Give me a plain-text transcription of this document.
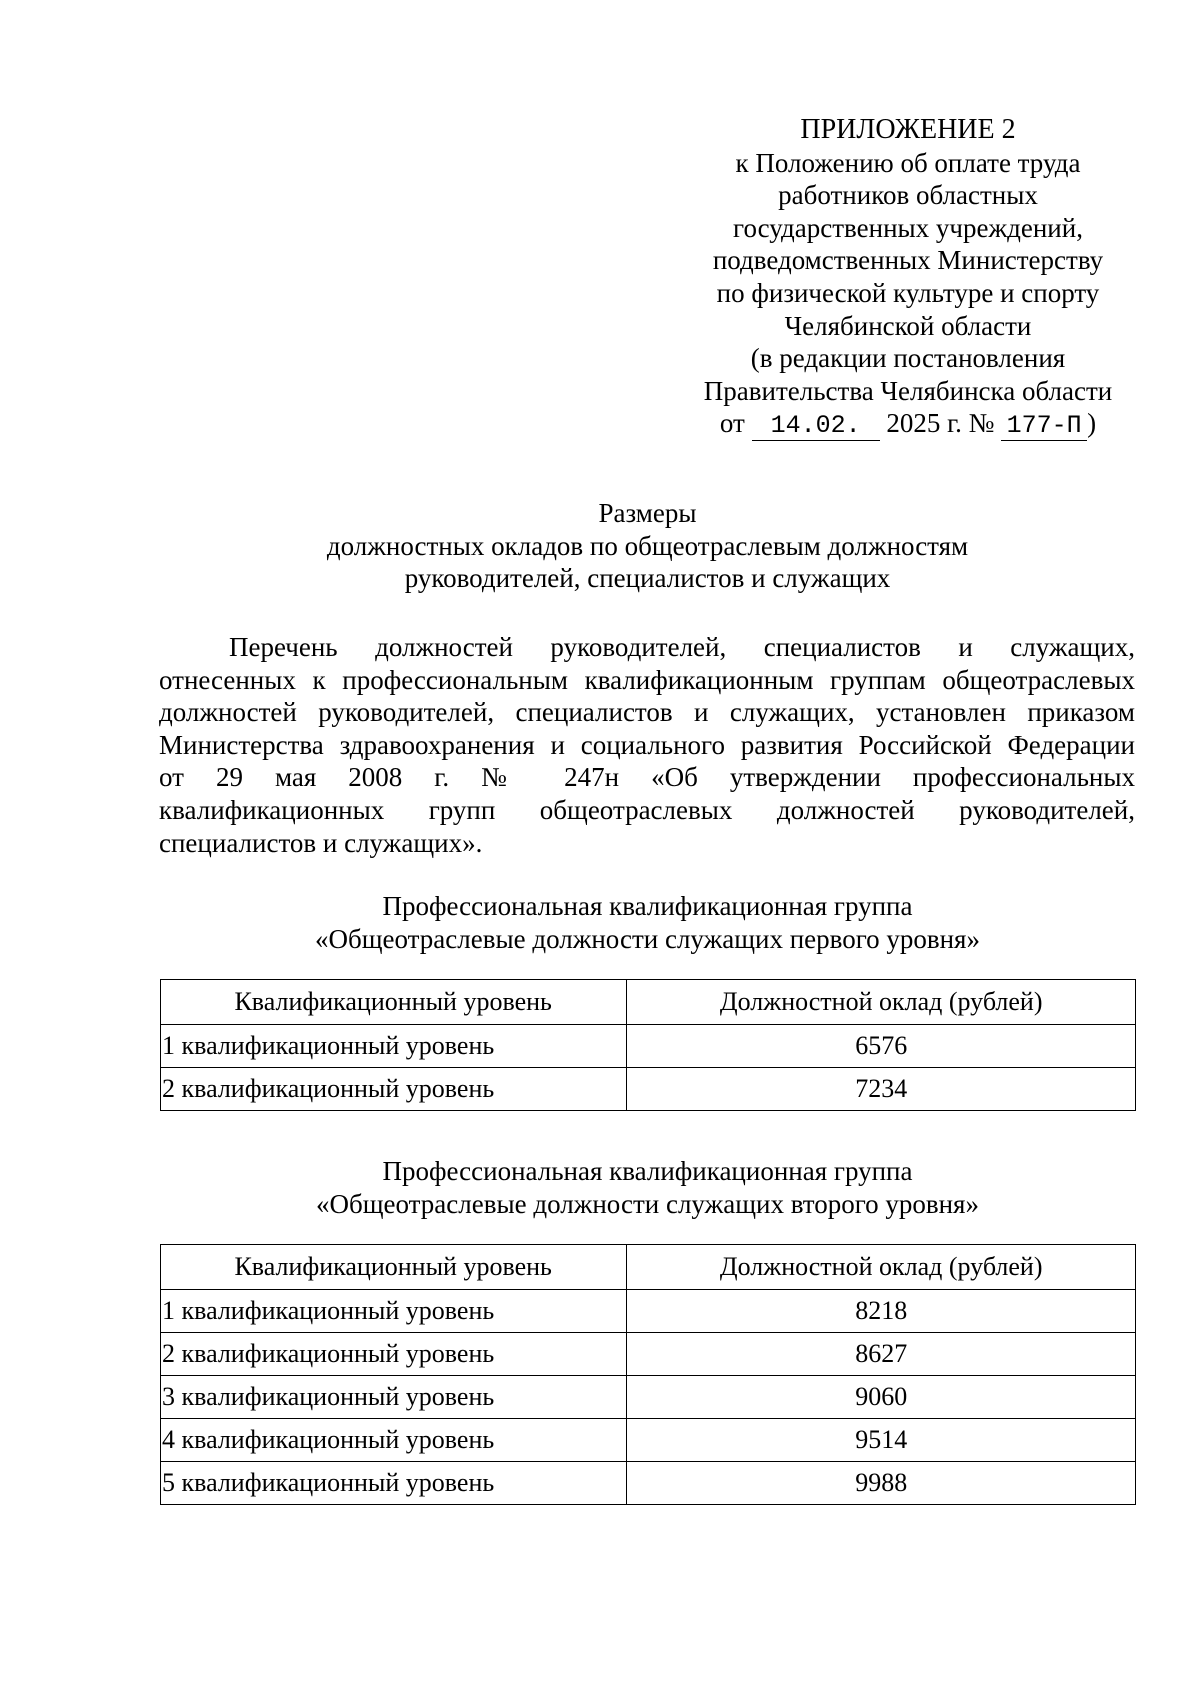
ПРИЛОЖЕНИЕ 2
к Положению об оплате труда
работников областных
государственных учреждений,
подведомственных Министерству
по физической культуре и спорту
Челябинской области
(в редакции постановления
Правительства Челябинска области
от 14.02. 2025 г. № 177-П )
Размеры
должностных окладов по общеотраслевым должностям
руководителей, специалистов и служащих
Перечень должностей руководителей, специалистов и служащих,
отнесенных к профессиональным квалификационным группам общеотраслевых
должностей руководителей, специалистов и служащих, установлен приказом
Министерства здравоохранения и социального развития Российской Федерации
от 29 мая 2008 г. № 247н «Об утверждении профессиональных
квалификационных групп общеотраслевых должностей руководителей,
специалистов и служащих».
Профессиональная квалификационная группа
«Общеотраслевые должности служащих первого уровня»
Квалификационный уровень	Должностной оклад (рублей)
1 квалификационный уровень	6576
2 квалификационный уровень	7234
Профессиональная квалификационная группа
«Общеотраслевые должности служащих второго уровня»
Квалификационный уровень	Должностной оклад (рублей)
1 квалификационный уровень	8218
2 квалификационный уровень	8627
3 квалификационный уровень	9060
4 квалификационный уровень	9514
5 квалификационный уровень	9988
